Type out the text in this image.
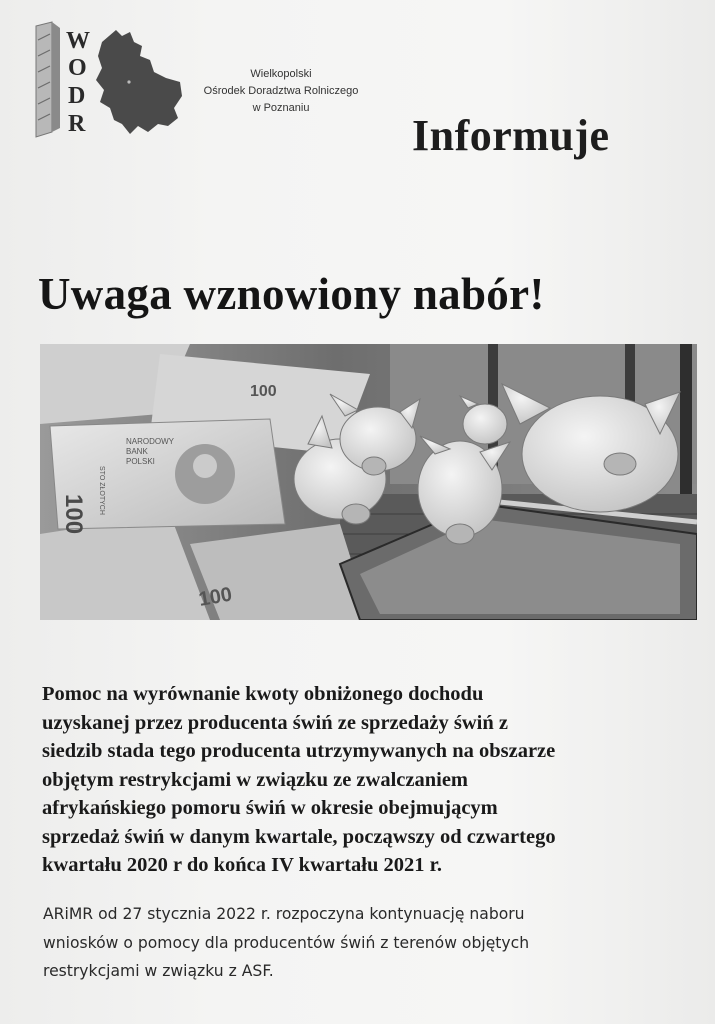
W
O
D
R
Wielkopolski
Ośrodek Doradztwa Rolniczego
w Poznaniu
Informuje
Uwaga wznowiony nabór!
100
NARODOWY
BANK
POLSKI
STO ZŁOTYCH
100
100
Pomoc na wyrównanie kwoty obniżonego dochodu
uzyskanej przez producenta świń ze sprzedaży świń z
siedzib stada tego producenta utrzymywanych na obszarze
objętym restrykcjami w związku ze zwalczaniem
afrykańskiego pomoru świń w okresie obejmującym
sprzedaż świń w danym kwartale, począwszy od czwartego
kwartału 2020 r do końca IV kwartału 2021 r.
ARiMR od 27 stycznia 2022 r. rozpoczyna kontynuację naboru
wniosków o pomocy dla producentów świń z terenów objętych
restrykcjami w związku z ASF.
